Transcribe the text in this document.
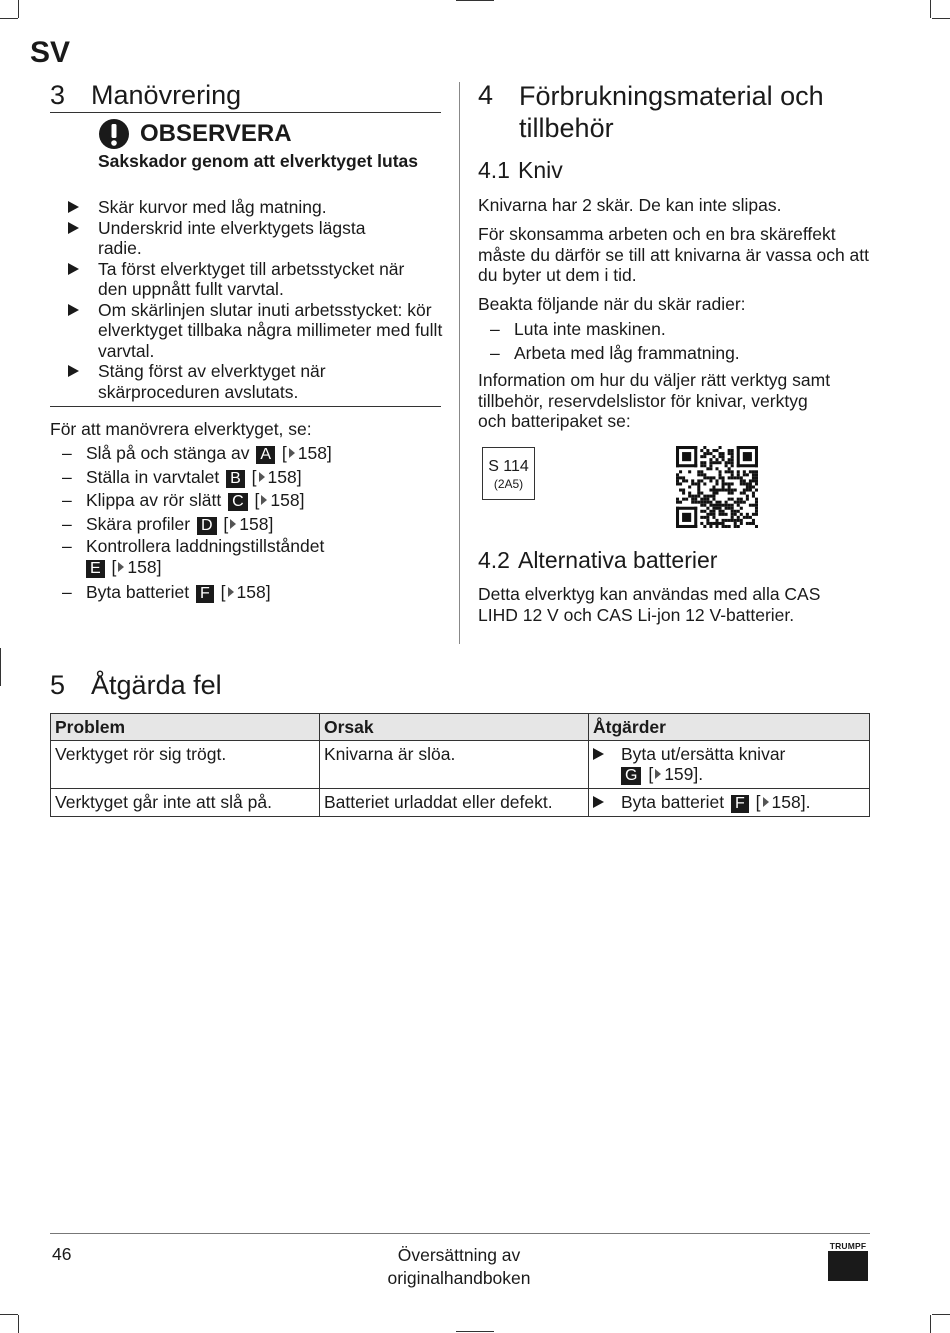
SV
3 Manövrering
OBSERVERA
Sakskador genom att elverktyget lutas
Skär kurvor med låg matning.
Underskrid inte elverktygets lägsta radie.
Ta först elverktyget till arbetsstycket när den uppnått fullt varvtal.
Om skärlinjen slutar inuti arbetsstycket: kör elverktyget tillbaka några millimeter med fullt varvtal.
Stäng först av elverktyget när skärproceduren avslutats.
För att manövrera elverktyget, se:
– Slå på och stänga av A [ 158]
– Ställa in varvtalet B [ 158]
– Klippa av rör slätt C [ 158]
– Skära profiler D [ 158]
– Kontrollera laddningstillståndet
E [ 158]
– Byta batteriet F [ 158]
4 Förbrukningsmaterial och
tillbehör
4.1 Kniv
Knivarna har 2 skär. De kan inte slipas.
För skonsamma arbeten och en bra skäreffekt måste du därför se till att knivarna är vassa och att du byter ut dem i tid.
Beakta följande när du skär radier:
– Luta inte maskinen.
– Arbeta med låg frammatning.
Information om hur du väljer rätt verktyg samt tillbehör, reservdelslistor för knivar, verktyg och batteripaket se:
S 114
(2A5)
4.2 Alternativa batterier
Detta elverktyg kan användas med alla CAS LIHD 12 V och CAS Li-jon 12 V-batterier.
5 Åtgärda fel
Problem	Orsak	Åtgärder
Verktyget rör sig trögt.	Knivarna är slöa.	Byta ut/ersätta knivar
G [ 159].

Verktyget går inte att slå på.	Batteriet urladdat eller defekt.	Byta batteriet F [ 158].
46	Översättning av
originalhandboken
TRUMPF
